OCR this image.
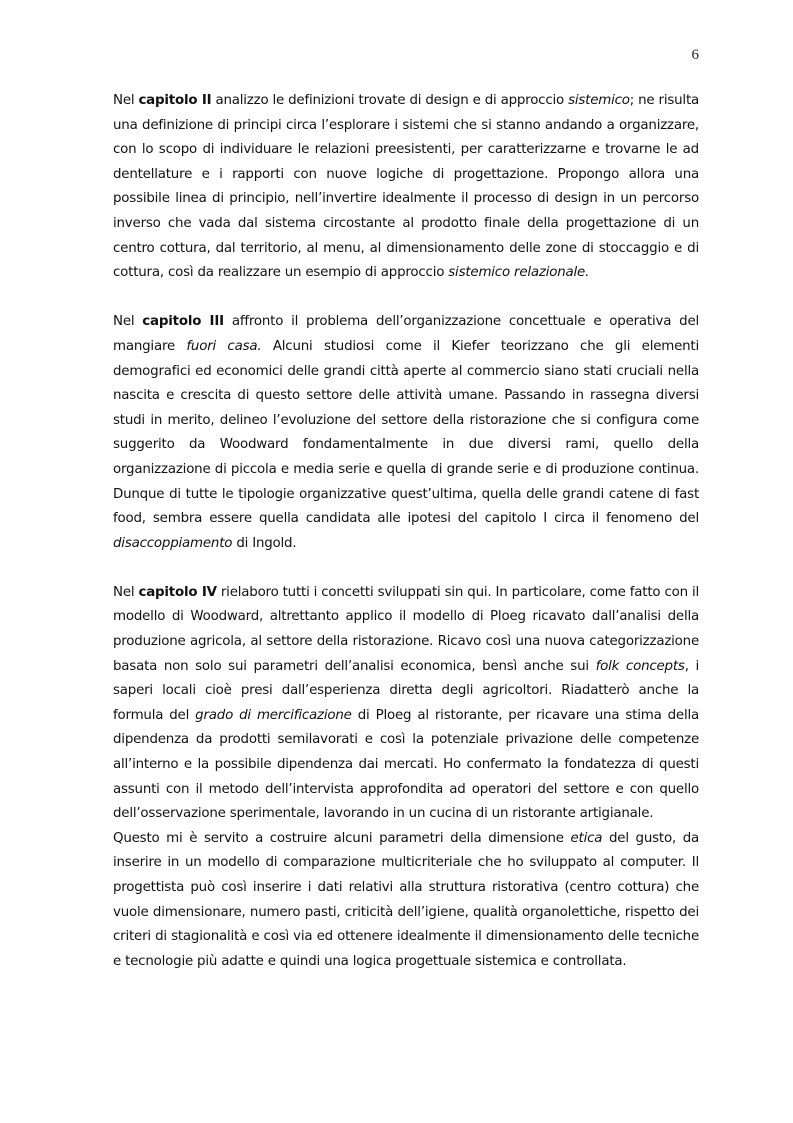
6

Nel capitolo II analizzo le definizioni trovate di design e di approccio sistemico; ne risulta una definizione di principi circa l’esplorare i sistemi che si stanno andando a organizzare, con lo scopo di individuare le relazioni preesistenti, per caratterizzarne e trovarne le ad dentellature e i rapporti con nuove logiche di progettazione. Propongo allora una possibile linea di principio, nell’invertire idealmente il processo di design in un percorso inverso che vada dal sistema circostante al prodotto finale della progettazione di un centro cottura, dal territorio, al menu, al dimensionamento delle zone di stoccaggio e di cottura, così da realizzare un esempio di approccio sistemico relazionale.

Nel capitolo III affronto il problema dell’organizzazione concettuale e operativa del mangiare fuori casa. Alcuni studiosi come il Kiefer teorizzano che gli elementi demografici ed economici delle grandi città aperte al commercio siano stati cruciali nella nascita e crescita di questo settore delle attività umane. Passando in rassegna diversi studi in merito, delineo l’evoluzione del settore della ristorazione che si configura come suggerito da Woodward fondamentalmente in due diversi rami, quello della organizzazione di piccola e media serie e quella di grande serie e di produzione continua. Dunque di tutte le tipologie organizzative quest’ultima, quella delle grandi catene di fast food, sembra essere quella candidata alle ipotesi del capitolo I circa il fenomeno del disaccoppiamento di Ingold.

Nel capitolo IV rielaboro tutti i concetti sviluppati sin qui. In particolare, come fatto con il modello di Woodward, altrettanto applico il modello di Ploeg ricavato dall’analisi della produzione agricola, al settore della ristorazione. Ricavo così una nuova categorizzazione basata non solo sui parametri dell’analisi economica, bensì anche sui folk concepts, i saperi locali cioè presi dall’esperienza diretta degli agricoltori. Riadatterò anche la formula del grado di mercificazione di Ploeg al ristorante, per ricavare una stima della dipendenza da prodotti semilavorati e così la potenziale privazione delle competenze all’interno e la possibile dipendenza dai mercati. Ho confermato la fondatezza di questi assunti con il metodo dell’intervista approfondita ad operatori del settore e con quello dell’osservazione sperimentale, lavorando in un cucina di un ristorante artigianale.

Questo mi è servito a costruire alcuni parametri della dimensione etica del gusto, da inserire in un modello di comparazione multicriteriale che ho sviluppato al computer. Il progettista può così inserire i dati relativi alla struttura ristorativa (centro cottura) che vuole dimensionare, numero pasti, criticità dell’igiene, qualità organolettiche, rispetto dei criteri di stagionalità e così via ed ottenere idealmente il dimensionamento delle tecniche e tecnologie più adatte e quindi una logica progettuale sistemica e controllata.
